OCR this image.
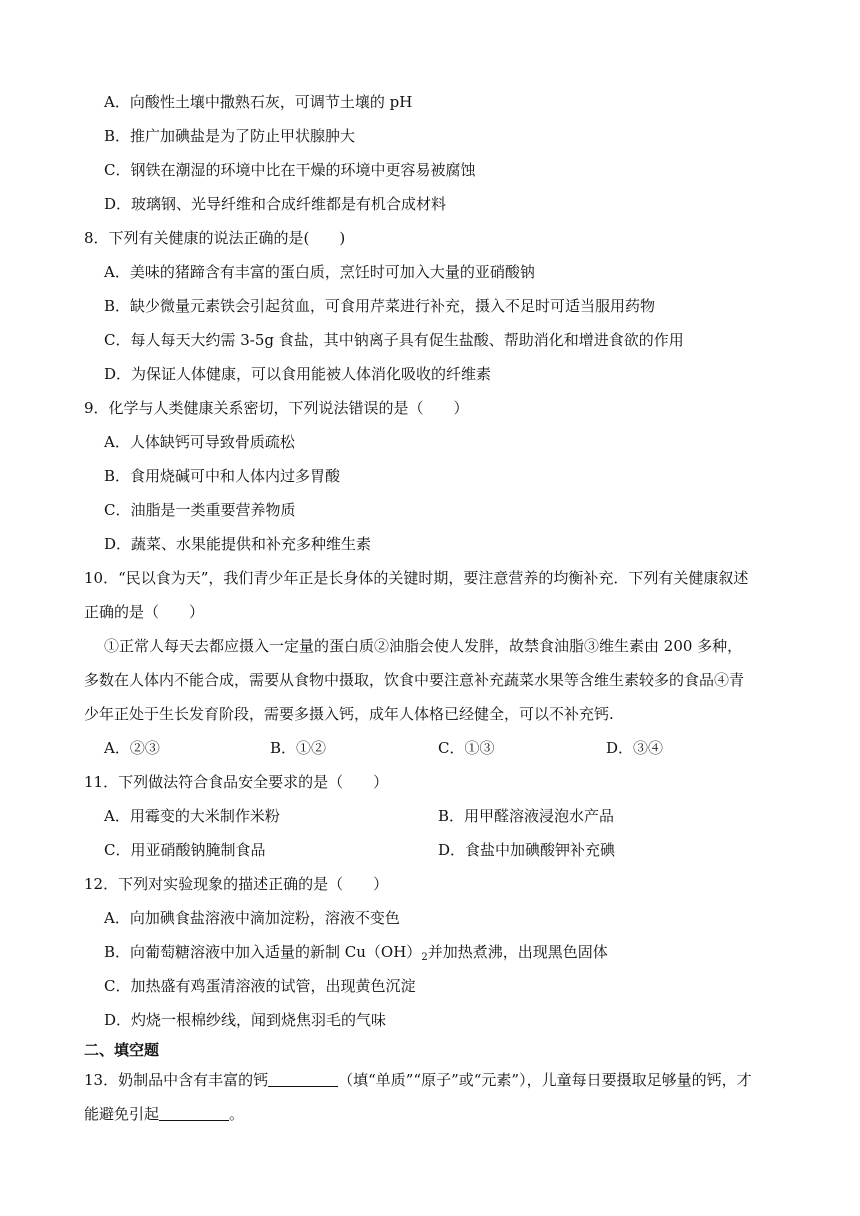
A．向酸性土壤中撒熟石灰，可调节土壤的 pH
B．推广加碘盐是为了防止甲状腺肿大
C．钢铁在潮湿的环境中比在干燥的环境中更容易被腐蚀
D．玻璃钢、光导纤维和合成纤维都是有机合成材料
8．下列有关健康的说法正确的是(　　)
A．美味的猪蹄含有丰富的蛋白质，烹饪时可加入大量的亚硝酸钠
B．缺少微量元素铁会引起贫血，可食用芹菜进行补充，摄入不足时可适当服用药物
C．每人每天大约需 3-5g 食盐，其中钠离子具有促生盐酸、帮助消化和增进食欲的作用
D．为保证人体健康，可以食用能被人体消化吸收的纤维素
9．化学与人类健康关系密切，下列说法错误的是（　　）
A．人体缺钙可导致骨质疏松
B．食用烧碱可中和人体内过多胃酸
C．油脂是一类重要营养物质
D．蔬菜、水果能提供和补充多种维生素
10．“民以食为天”，我们青少年正是长身体的关键时期，要注意营养的均衡补充．下列有关健康叙述
正确的是（　　）
①正常人每天去都应摄入一定量的蛋白质②油脂会使人发胖，故禁食油脂③维生素由 200 多种，
多数在人体内不能合成，需要从食物中摄取，饮食中要注意补充蔬菜水果等含维生素较多的食品④青
少年正处于生长发育阶段，需要多摄入钙，成年人体格已经健全，可以不补充钙.
A．②③	B．①②	C．①③	D．③④
11．下列做法符合食品安全要求的是（　　）
A．用霉变的大米制作米粉	B．用甲醛溶液浸泡水产品
C．用亚硝酸钠腌制食品	D．食盐中加碘酸钾补充碘
12．下列对实验现象的描述正确的是（　　）
A．向加碘食盐溶液中滴加淀粉，溶液不变色
B．向葡萄糖溶液中加入适量的新制 $Cu(OH)_2$并加热煮沸，出现黑色固体
C．加热盛有鸡蛋清溶液的试管，出现黄色沉淀
D．灼烧一根棉纱线，闻到烧焦羽毛的气味
二、填空题
13．奶制品中含有丰富的钙	（填“单质”“原子”或“元素”），儿童每日要摄取足够量的钙，才
能避免引起	。
